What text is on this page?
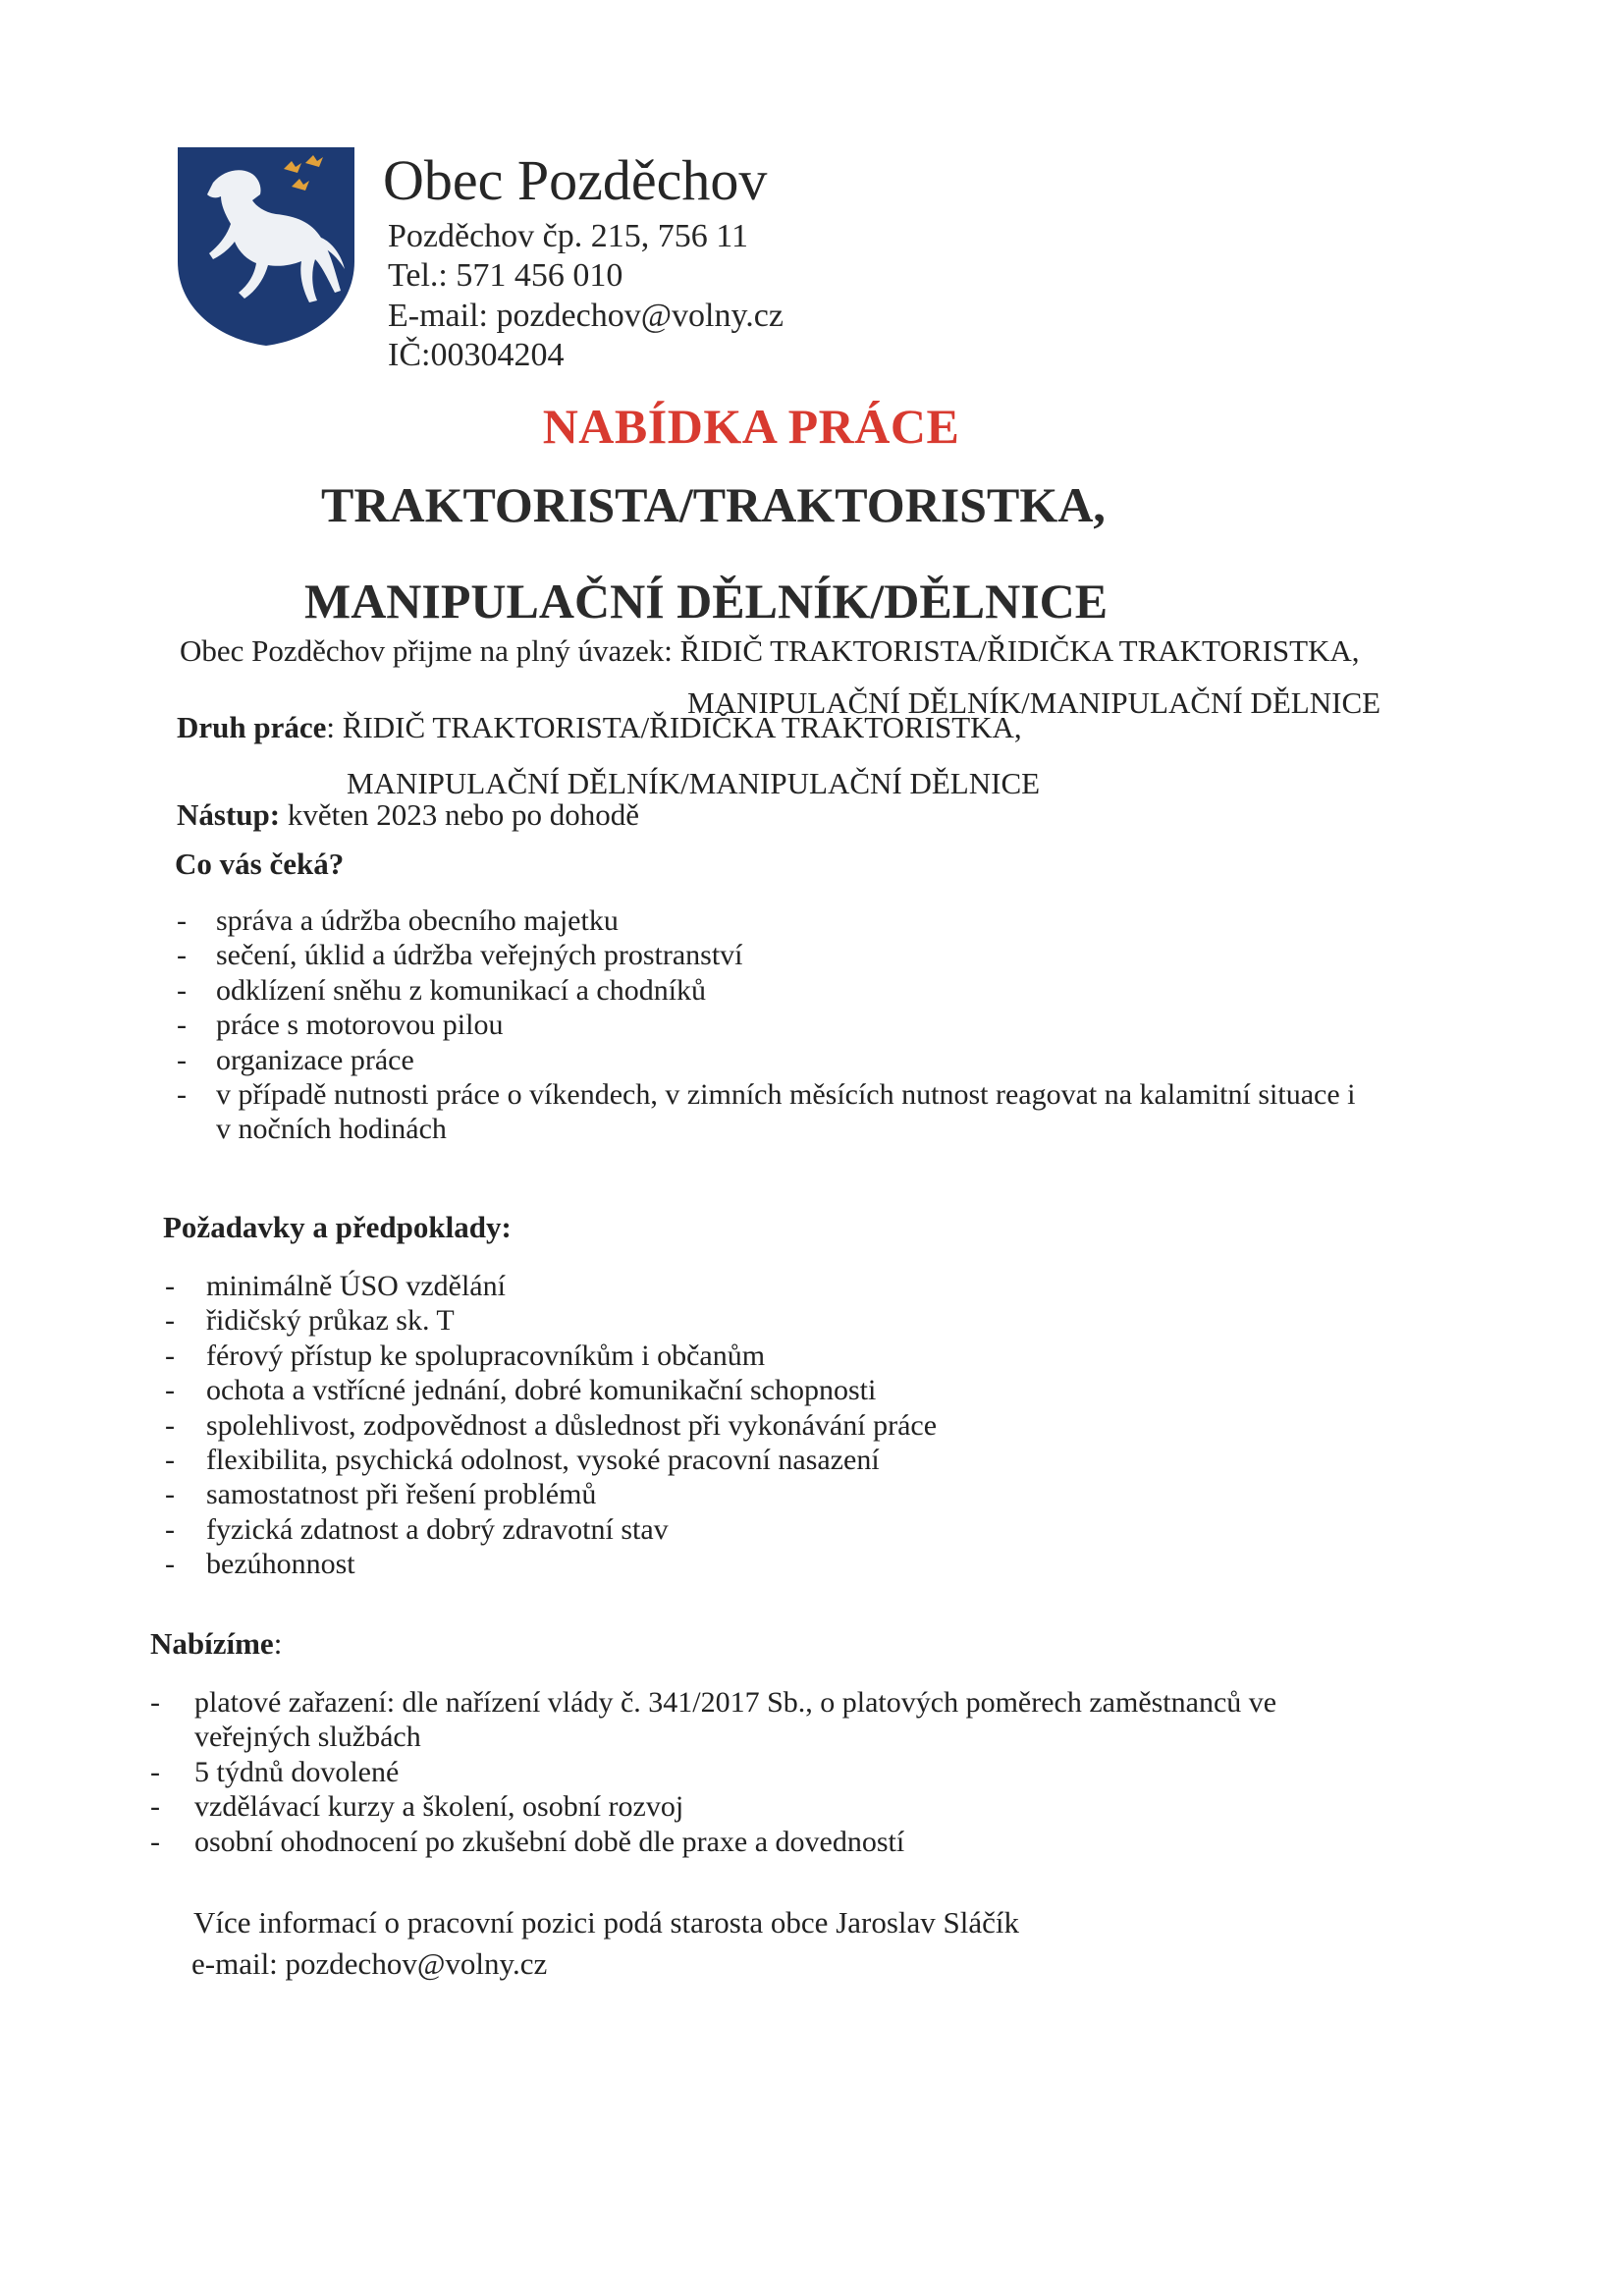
Obec Pozděchov
Pozděchov čp. 215, 756 11
Tel.: 571 456 010
E-mail: pozdechov@volny.cz
IČ:00304204
NABÍDKA PRÁCE
TRAKTORISTA/TRAKTORISTKA,
MANIPULAČNÍ DĚLNÍK/DĚLNICE
Obec Pozděchov přijme na plný úvazek: ŘIDIČ TRAKTORISTA/ŘIDIČKA TRAKTORISTKA,
MANIPULAČNÍ DĚLNÍK/MANIPULAČNÍ DĚLNICE
Druh práce: ŘIDIČ TRAKTORISTA/ŘIDIČKA TRAKTORISTKA,
MANIPULAČNÍ DĚLNÍK/MANIPULAČNÍ DĚLNICE
Nástup: květen 2023 nebo po dohodě
Co vás čeká?
-	správa a údržba obecního majetku
-	sečení, úklid a údržba veřejných prostranství
-	odklízení sněhu z komunikací a chodníků
-	práce s motorovou pilou
-	organizace práce
-	v případě nutnosti práce o víkendech, v zimních měsících nutnost reagovat na kalamitní situace i
v nočních hodinách
Požadavky a předpoklady:
-	minimálně ÚSO vzdělání
-	řidičský průkaz sk. T
-	férový přístup ke spolupracovníkům i občanům
-	ochota a vstřícné jednání, dobré komunikační schopnosti
-	spolehlivost, zodpovědnost a důslednost při vykonávání práce
-	flexibilita, psychická odolnost, vysoké pracovní nasazení
-	samostatnost při řešení problémů
-	fyzická zdatnost a dobrý zdravotní stav
-	bezúhonnost
Nabízíme:
-	platové zařazení: dle nařízení vlády č. 341/2017 Sb., o platových poměrech zaměstnanců ve
veřejných službách
-	5 týdnů dovolené
-	vzdělávací kurzy a školení, osobní rozvoj
-	osobní ohodnocení po zkušební době dle praxe a dovedností
Více informací o pracovní pozici podá starosta obce Jaroslav Sláčík
e-mail: pozdechov@volny.cz
